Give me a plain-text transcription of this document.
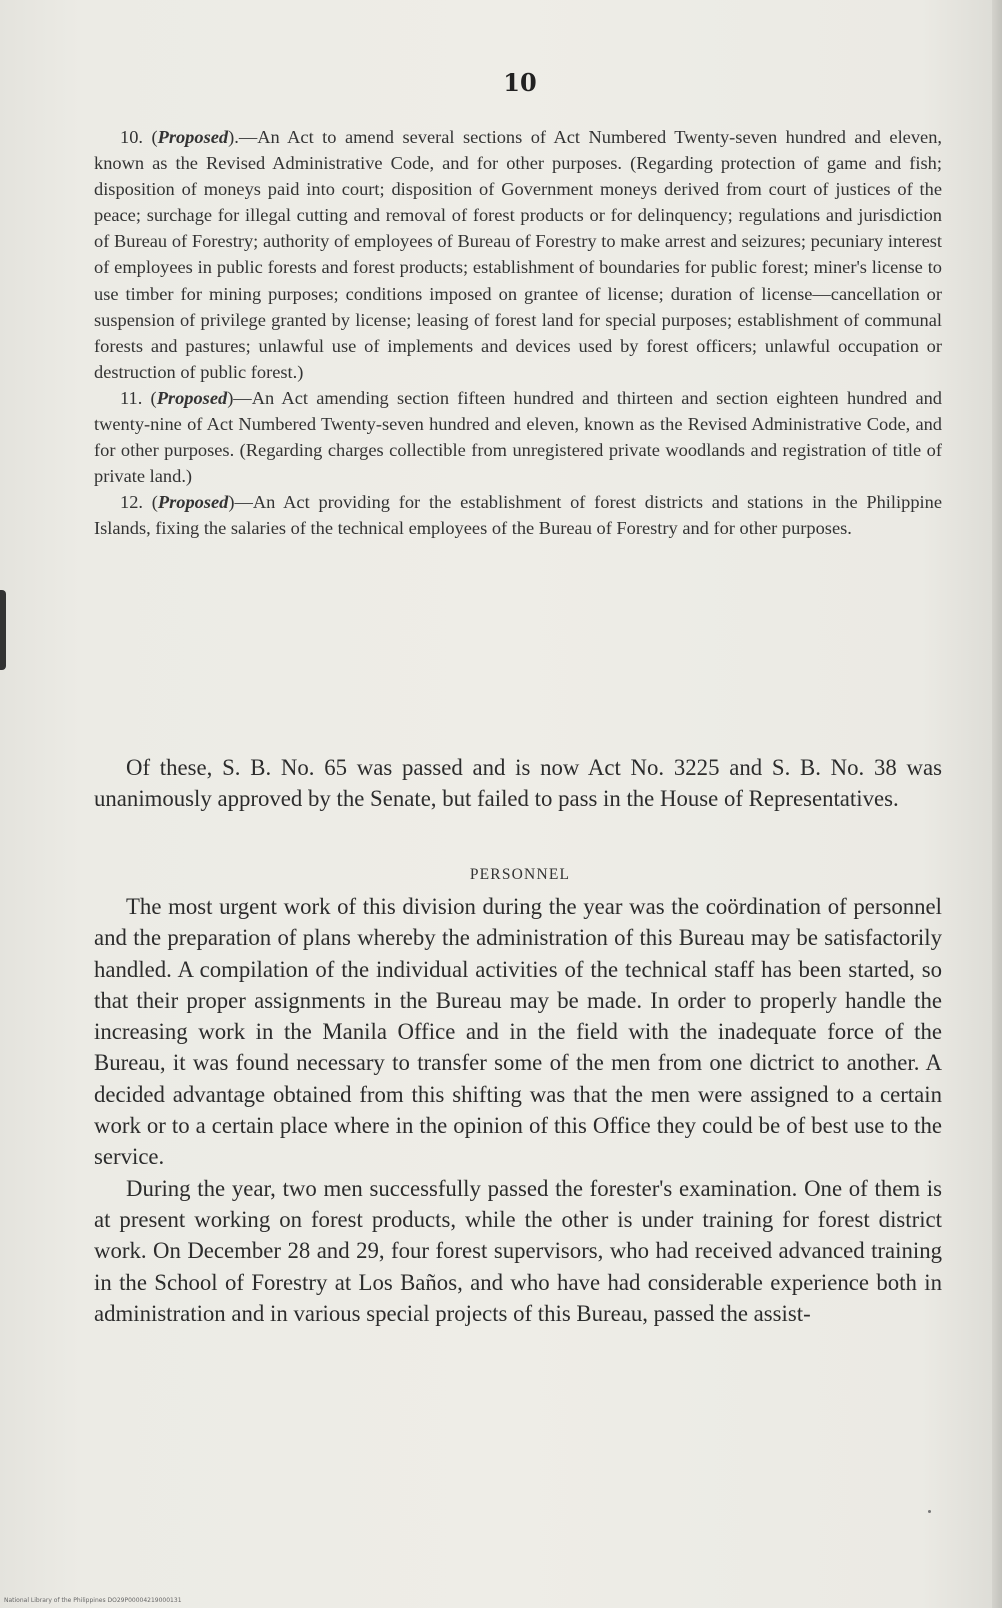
10

10. (Proposed).—An Act to amend several sections of Act Numbered Twenty-seven hundred and eleven, known as the Revised Administrative Code, and for other purposes. (Regarding protection of game and fish; disposition of moneys paid into court; disposition of Government moneys derived from court of justices of the peace; surchage for illegal cutting and removal of forest products or for delinquency; regulations and jurisdiction of Bureau of Forestry; authority of employees of Bureau of Forestry to make arrest and seizures; pecuniary interest of employees in public forests and forest products; establishment of boundaries for public forest; miner's license to use timber for mining purposes; conditions imposed on grantee of license; duration of license—cancellation or suspension of privilege granted by license; leasing of forest land for special purposes; establishment of communal forests and pastures; unlawful use of implements and devices used by forest officers; unlawful occupation or destruction of public forest.)

11. (Proposed)—An Act amending section fifteen hundred and thirteen and section eighteen hundred and twenty-nine of Act Numbered Twenty-seven hundred and eleven, known as the Revised Administrative Code, and for other purposes. (Regarding charges collectible from unregistered private woodlands and registration of title of private land.)

12. (Proposed)—An Act providing for the establishment of forest districts and stations in the Philippine Islands, fixing the salaries of the technical employees of the Bureau of Forestry and for other purposes.

Of these, S. B. No. 65 was passed and is now Act No. 3225 and S. B. No. 38 was unanimously approved by the Senate, but failed to pass in the House of Representatives.

PERSONNEL

The most urgent work of this division during the year was the coördination of personnel and the preparation of plans whereby the administration of this Bureau may be satisfactorily handled. A compilation of the individual activities of the technical staff has been started, so that their proper assignments in the Bureau may be made. In order to properly handle the increasing work in the Manila Office and in the field with the inadequate force of the Bureau, it was found necessary to transfer some of the men from one dictrict to another. A decided advantage obtained from this shifting was that the men were assigned to a certain work or to a certain place where in the opinion of this Office they could be of best use to the service.

During the year, two men successfully passed the forester's examination. One of them is at present working on forest products, while the other is under training for forest district work. On December 28 and 29, four forest supervisors, who had received advanced training in the School of Forestry at Los Baños, and who have had considerable experience both in administration and in various special projects of this Bureau, passed the assist-

National Library of the Philippines DO29P00004219000131
